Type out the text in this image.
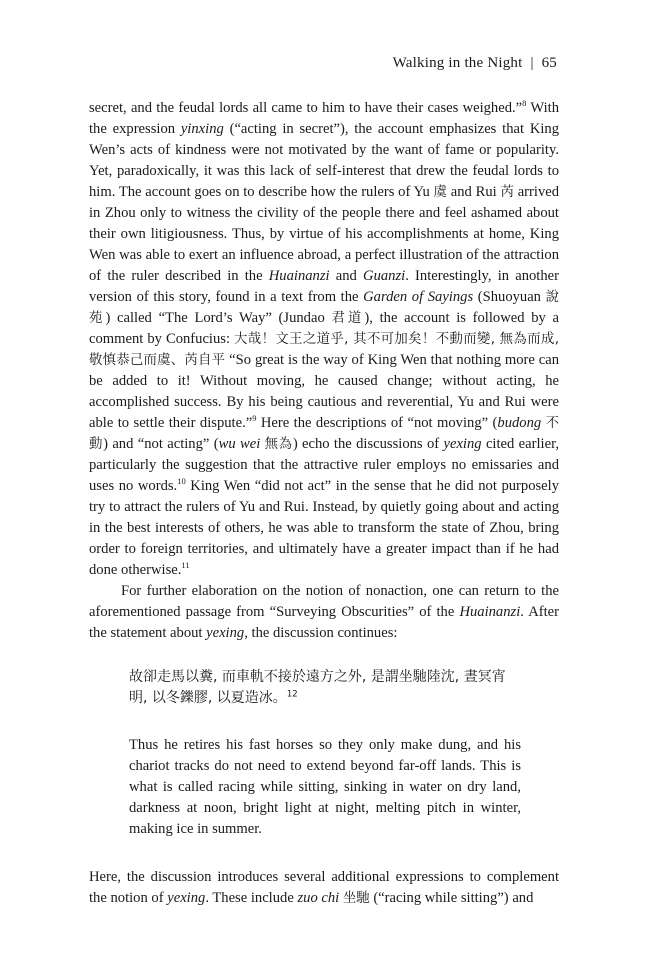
Walking in the Night | 65

secret, and the feudal lords all came to him to have their cases weighed.”$^8$ With the expression yinxing (“acting in secret”), the account emphasizes that King Wen’s acts of kindness were not motivated by the want of fame or popularity. Yet, paradoxically, it was this lack of self-interest that drew the feudal lords to him. The account goes on to describe how the rulers of Yu 虞 and Rui 芮 arrived in Zhou only to witness the civility of the people there and feel ashamed about their own litigiousness. Thus, by virtue of his accomplishments at home, King Wen was able to exert an influence abroad, a perfect illustration of the attraction of the ruler described in the Huainanzi and Guanzi. Interestingly, in another version of this story, found in a text from the Garden of Sayings (Shuoyuan 說苑) called “The Lord’s Way” (Jundao 君道), the account is followed by a comment by Confucius: 大哉！文王之道乎, 其不可加矣！不動而變, 無為而成, 敬慎恭己而虞、芮自平 “So great is the way of King Wen that nothing more can be added to it! Without moving, he caused change; without acting, he accomplished success. By his being cautious and reverential, Yu and Rui were able to settle their dispute.”$^9$ Here the descriptions of “not moving” (budong 不動) and “not acting” (wu wei 無為) echo the discussions of yexing cited earlier, particularly the suggestion that the attractive ruler employs no emissaries and uses no words.$^{10}$ King Wen “did not act” in the sense that he did not purposely try to attract the rulers of Yu and Rui. Instead, by quietly going about and acting in the best interests of others, he was able to transform the state of Zhou, bring order to foreign territories, and ultimately have a greater impact than if he had done otherwise.$^{11}$

For further elaboration on the notion of nonaction, one can return to the aforementioned passage from “Surveying Obscurities” of the Huainanzi. After the statement about yexing, the discussion continues:

故卻走馬以糞, 而車軌不接於遠方之外, 是謂坐馳陸沈, 晝冥宵明, 以冬鑠膠, 以夏造冰。$^{12}$
Thus he retires his fast horses so they only make dung, and his chariot tracks do not need to extend beyond far-off lands. This is what is called racing while sitting, sinking in water on dry land, darkness at noon, bright light at night, melting pitch in winter, making ice in summer.

Here, the discussion introduces several additional expressions to complement the notion of yexing. These include zuo chi 坐馳 (“racing while sitting”) and
